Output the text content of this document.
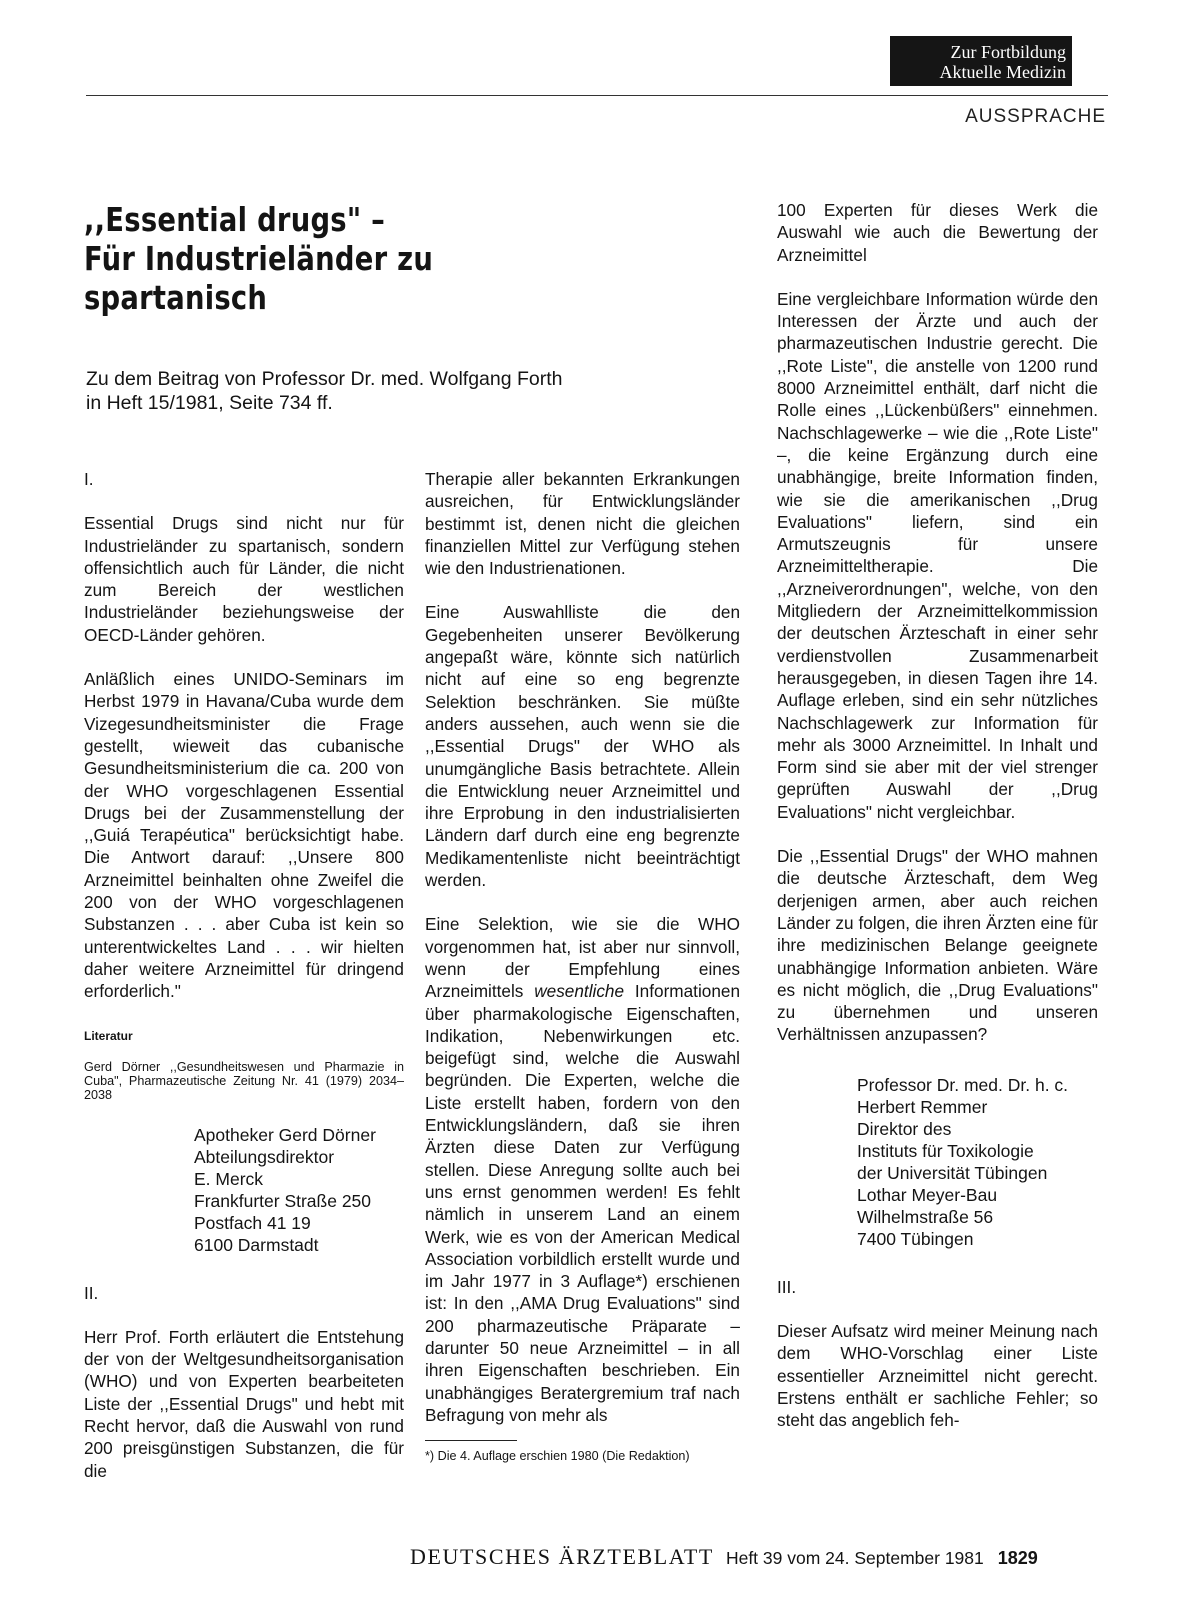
Zur Fortbildung
Aktuelle Medizin
AUSSPRACHE
,,Essential drugs" –
Für Industrieländer zu
spartanisch
Zu dem Beitrag von Professor Dr. med. Wolfgang Forth
in Heft 15/1981, Seite 734 ff.

I.

Essential Drugs sind nicht nur für Industrieländer zu spartanisch, sondern offensichtlich auch für Länder, die nicht zum Bereich der westlichen Industrieländer beziehungsweise der OECD-Länder gehören.

Anläßlich eines UNIDO-Seminars im Herbst 1979 in Havana/Cuba wurde dem Vizegesundheitsminister die Frage gestellt, wieweit das cubanische Gesundheitsministerium die ca. 200 von der WHO vorgeschlagenen Essential Drugs bei der Zusammenstellung der ,,Guiá Terapéutica" berücksichtigt habe. Die Antwort darauf: ,,Unsere 800 Arzneimittel beinhalten ohne Zweifel die 200 von der WHO vorgeschlagenen Substanzen . . . aber Cuba ist kein so unterentwickeltes Land . . . wir hielten daher weitere Arzneimittel für dringend erforderlich."

Literatur

Gerd Dörner ,,Gesundheitswesen und Pharmazie in Cuba", Pharmazeutische Zeitung Nr. 41 (1979) 2034–2038

Apotheker Gerd Dörner
Abteilungsdirektor
E. Merck
Frankfurter Straße 250
Postfach 41 19
6100 Darmstadt

II.

Herr Prof. Forth erläutert die Entstehung der von der Weltgesundheitsorganisation (WHO) und von Experten bearbeiteten Liste der ,,Essential Drugs" und hebt mit Recht hervor, daß die Auswahl von rund 200 preisgünstigen Substanzen, die für die

Therapie aller bekannten Erkrankungen ausreichen, für Entwicklungsländer bestimmt ist, denen nicht die gleichen finanziellen Mittel zur Verfügung stehen wie den Industrienationen.

Eine Auswahlliste die den Gegebenheiten unserer Bevölkerung angepaßt wäre, könnte sich natürlich nicht auf eine so eng begrenzte Selektion beschränken. Sie müßte anders aussehen, auch wenn sie die ,,Essential Drugs" der WHO als unumgängliche Basis betrachtete. Allein die Entwicklung neuer Arzneimittel und ihre Erprobung in den industrialisierten Ländern darf durch eine eng begrenzte Medikamentenliste nicht beeinträchtigt werden.

Eine Selektion, wie sie die WHO vorgenommen hat, ist aber nur sinnvoll, wenn der Empfehlung eines Arzneimittels wesentliche Informationen über pharmakologische Eigenschaften, Indikation, Nebenwirkungen etc. beigefügt sind, welche die Auswahl begründen. Die Experten, welche die Liste erstellt haben, fordern von den Entwicklungsländern, daß sie ihren Ärzten diese Daten zur Verfügung stellen. Diese Anregung sollte auch bei uns ernst genommen werden! Es fehlt nämlich in unserem Land an einem Werk, wie es von der American Medical Association vorbildlich erstellt wurde und im Jahr 1977 in 3 Auflage*) erschienen ist: In den ,,AMA Drug Evaluations" sind 200 pharmazeutische Präparate – darunter 50 neue Arzneimittel – in all ihren Eigenschaften beschrieben. Ein unabhängiges Beratergremium traf nach Befragung von mehr als

*) Die 4. Auflage erschien 1980 (Die Redaktion)

100 Experten für dieses Werk die Auswahl wie auch die Bewertung der Arzneimittel

Eine vergleichbare Information würde den Interessen der Ärzte und auch der pharmazeutischen Industrie gerecht. Die ,,Rote Liste", die anstelle von 1200 rund 8000 Arzneimittel enthält, darf nicht die Rolle eines ,,Lückenbüßers" einnehmen. Nachschlagewerke – wie die ,,Rote Liste" –, die keine Ergänzung durch eine unabhängige, breite Information finden, wie sie die amerikanischen ,,Drug Evaluations" liefern, sind ein Armutszeugnis für unsere Arzneimitteltherapie. Die ,,Arzneiverordnungen", welche, von den Mitgliedern der Arzneimittelkommission der deutschen Ärzteschaft in einer sehr verdienstvollen Zusammenarbeit herausgegeben, in diesen Tagen ihre 14. Auflage erleben, sind ein sehr nützliches Nachschlagewerk zur Information für mehr als 3000 Arzneimittel. In Inhalt und Form sind sie aber mit der viel strenger geprüften Auswahl der ,,Drug Evaluations" nicht vergleichbar.

Die ,,Essential Drugs" der WHO mahnen die deutsche Ärzteschaft, dem Weg derjenigen armen, aber auch reichen Länder zu folgen, die ihren Ärzten eine für ihre medizinischen Belange geeignete unabhängige Information anbieten. Wäre es nicht möglich, die ,,Drug Evaluations" zu übernehmen und unseren Verhältnissen anzupassen?

Professor Dr. med. Dr. h. c.
Herbert Remmer
Direktor des
Instituts für Toxikologie
der Universität Tübingen
Lothar Meyer-Bau
Wilhelmstraße 56
7400 Tübingen

III.

Dieser Aufsatz wird meiner Meinung nach dem WHO-Vorschlag einer Liste essentieller Arzneimittel nicht gerecht. Erstens enthält er sachliche Fehler; so steht das angeblich feh-

DEUTSCHES ÄRZTEBLATT Heft 39 vom 24. September 1981 1829
